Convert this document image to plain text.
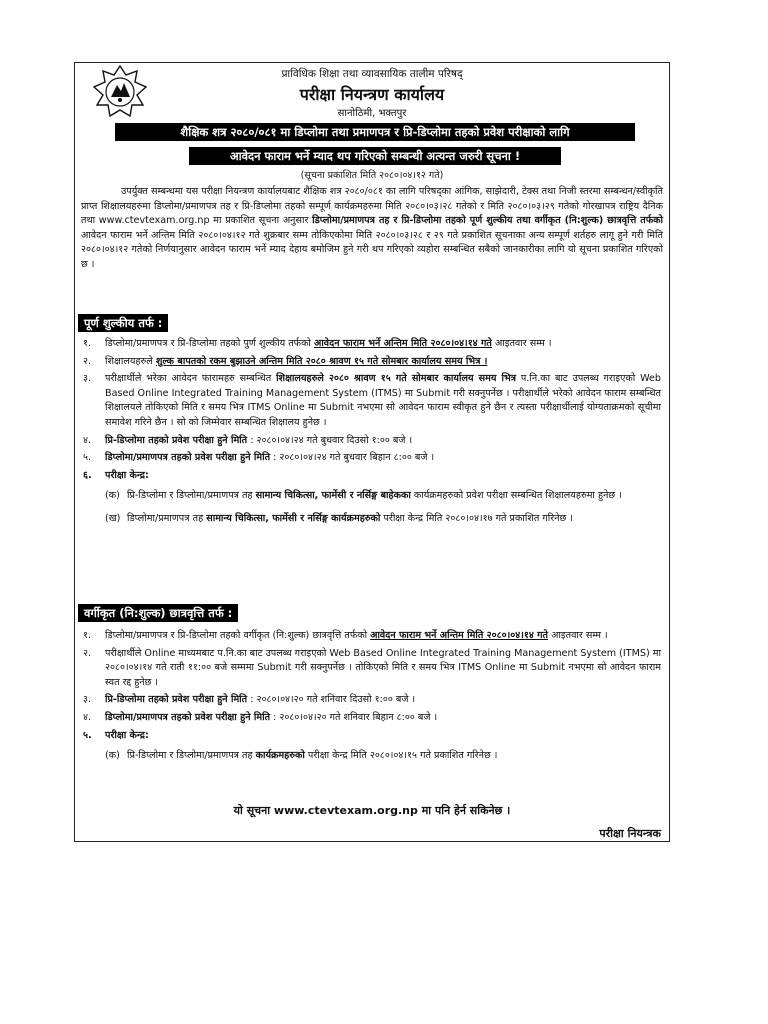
प्राविधिक शिक्षा तथा व्यावसायिक तालीम परिषद्
परीक्षा नियन्त्रण कार्यालय
सानोठिमी, भक्तपुर
शैक्षिक शत्र २०८०/०८१ मा डिप्लोमा तथा प्रमाणपत्र र प्रि-डिप्लोमा तहको प्रवेश परीक्षाको लागि
आवेदन फाराम भर्ने म्याद थप गरिएको सम्बन्धी अत्यन्त जरुरी सूचना !
(सूचना प्रकाशित मिति २०८०।०४।१२ गते)
उपर्युक्त सम्बन्धमा यस परीक्षा नियन्त्रण कार्यालयबाट शैक्षिक शत्र २०८०/०८१ का लागि परिषद्का आंगिक, साझेदारी, टेक्स तथा निजी स्तरमा सम्बन्धन/स्वीकृति प्राप्त शिक्षालयहरुमा डिप्लोमा/प्रमाणपत्र तह र प्रि-डिप्लोमा तहको सम्पूर्ण कार्यक्रमहरुमा मिति २०८०।०३।२८ गतेको र मिति २०८०।०३।२९ गतेको गोरखापत्र राष्ट्रिय दैनिक तथा www.ctevtexam.org.np मा प्रकाशित सूचना अनुसार डिप्लोमा/प्रमाणपत्र तह र प्रि-डिप्लोमा तहको पूर्ण शुल्कीय तथा वर्गीकृत (नि:शुल्क) छात्रवृत्ति तर्फको आवेदन फाराम भर्ने अन्तिम मिति २०८०।०४।१२ गते शुक्रबार सम्म तोकिएकोमा मिति २०८०।०३।२८ र २९ गते प्रकाशित सूचनाका अन्य सम्पूर्ण शर्तहरु लागू हुने गरी मिति २०८०।०४।१२ गतेको निर्णयानुसार आवेदन फाराम भर्ने म्याद देहाय बमोजिम हुने गरी थप गरिएको व्यहोरा सम्बन्धित सबैको जानकारीका लागि यो सूचना प्रकाशित गरिएको छ ।
पूर्ण शुल्कीय तर्फ :
१.	डिप्लोमा/प्रमाणपत्र र प्रि-डिप्लोमा तहको पुर्ण शुल्कीय तर्फको आवेदन फाराम भर्ने अन्तिम मिति २०८०।०४।१४ गते आइतवार सम्म ।
२.	शिक्षालयहरुले शुल्क बापतको रकम बुझाउने अन्तिम मिति २०८० श्रावण १५ गते सोमबार कार्यालय समय भित्र ।
३.	परीक्षार्थीले भरेका आवेदन फारामहरु सम्बन्धित शिक्षालयहरुले २०८० श्रावण १५ गते सोमबार कार्यालय समय भित्र प.नि.का बाट उपलब्ध गराइएको Web Based Online Integrated Training Management System (ITMS) मा Submit गरी सक्नुपर्नेछ । परीक्षार्थीले भरेको आवेदन फाराम सम्बन्धित शिक्षालयले तोकिएको मिति र समय भित्र ITMS Online मा Submit नभएमा सो आवेदन फाराम स्वीकृत हुने छैन र त्यस्ता परीक्षार्थीलाई योग्यताक्रमको सूचीमा समावेश गरिने छैन । सो को जिम्मेवार सम्बन्धित शिक्षालय हुनेछ ।
४.	प्रि-डिप्लोमा तहको प्रवेश परीक्षा हुने मिति : २०८०।०४।२४ गते बुधवार दिउसो १:०० बजे ।
५.	डिप्लोमा/प्रमाणपत्र तहको प्रवेश परीक्षा हुने मिति : २०८०।०४।२४ गते बुधवार बिहान ८:०० बजे ।
६.	परीक्षा केन्द्र:
(क) प्रि-डिप्लोमा र डिप्लोमा/प्रमाणपत्र तह सामान्य चिकित्सा, फार्मेसी र नर्सिङ्ग बाहेकका कार्यक्रमहरुको प्रवेश परीक्षा सम्बन्धित शिक्षालयहरुमा हुनेछ ।
(ख) डिप्लोमा/प्रमाणपत्र तह सामान्य चिकित्सा, फार्मेसी र नर्सिङ्ग कार्यक्रमहरुको परीक्षा केन्द्र मिति २०८०।०४।१७ गते प्रकाशित गरिनेछ ।
वर्गीकृत (नि:शुल्क) छात्रवृत्ति तर्फ :
१.	डिप्लोमा/प्रमाणपत्र र प्रि-डिप्लोमा तहको वर्गीकृत (नि:शुल्क) छात्रवृत्ति तर्फको आवेदन फाराम भर्ने अन्तिम मिति २०८०।०४।१४ गते आइतवार सम्म ।
२.	परीक्षार्थीले Online माध्यमबाट प.नि.का बाट उपलब्ध गराइएको Web Based Online Integrated Training Management System (ITMS) मा २०८०।०४।१४ गते राती ११:०० बजे सम्ममा Submit गरी सक्नुपर्नेछ । तोकिएको मिति र समय भित्र ITMS Online मा Submit नभएमा सो आवेदन फाराम स्वत रद्द हुनेछ ।
३.	प्रि-डिप्लोमा तहको प्रवेश परीक्षा हुने मिति : २०८०।०४।२० गते शनिवार दिउसो १:०० बजे ।
४.	डिप्लोमा/प्रमाणपत्र तहको प्रवेश परीक्षा हुने मिति : २०८०।०४।२० गते शनिवार बिहान ८:०० बजे ।
५.	परीक्षा केन्द्र:
(क) प्रि-डिप्लोमा र डिप्लोमा/प्रमाणपत्र तह कार्यक्रमहरुको परीक्षा केन्द्र मिति २०८०।०४।१५ गते प्रकाशित गरिनेछ ।
यो सूचना www.ctevtexam.org.np मा पनि हेर्न सकिनेछ ।
परीक्षा नियन्त्रक
